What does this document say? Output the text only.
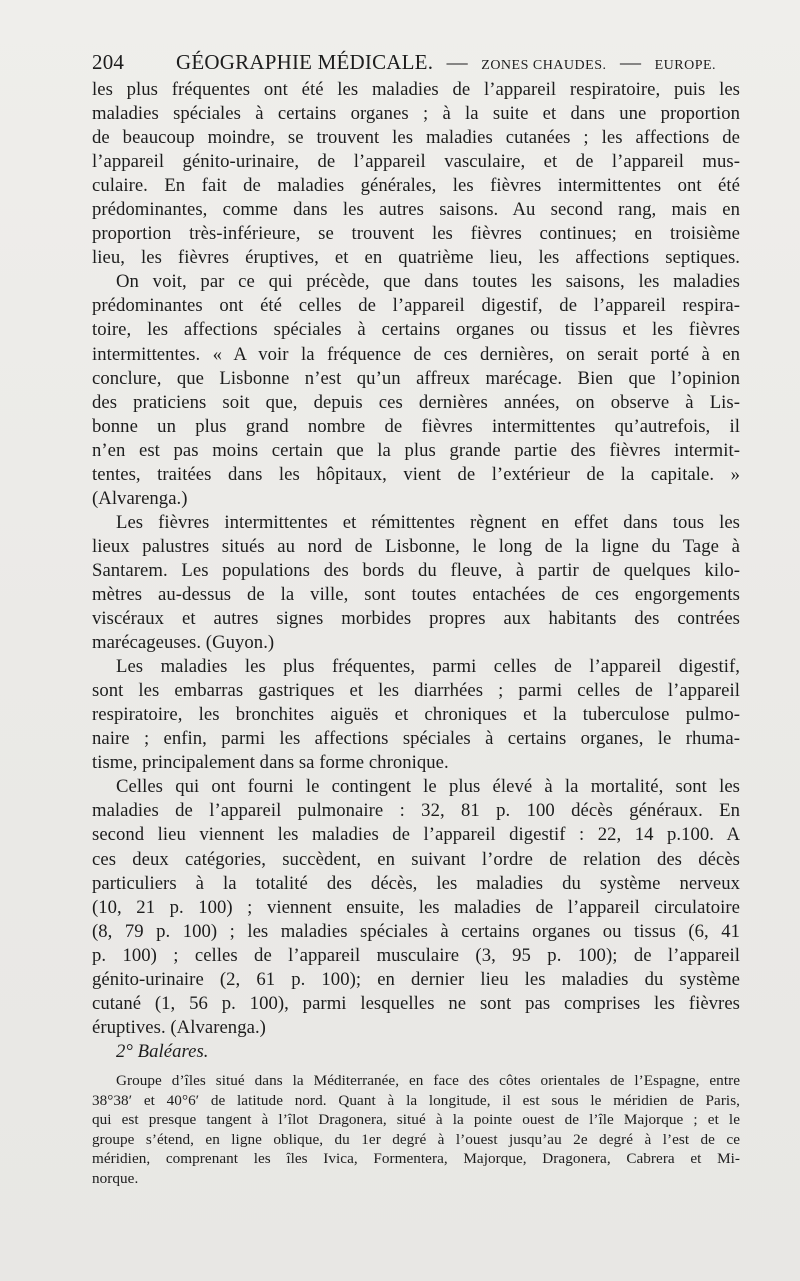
204 GÉOGRAPHIE MÉDICALE. — ZONES CHAUDES. — EUROPE.
les plus fréquentes ont été les maladies de l’appareil respiratoire, puis les
maladies spéciales à certains organes ; à la suite et dans une proportion
de beaucoup moindre, se trouvent les maladies cutanées ; les affections de
l’appareil génito-urinaire, de l’appareil vasculaire, et de l’appareil mus-
culaire. En fait de maladies générales, les fièvres intermittentes ont été
prédominantes, comme dans les autres saisons. Au second rang, mais en
proportion très-inférieure, se trouvent les fièvres continues; en troisième
lieu, les fièvres éruptives, et en quatrième lieu, les affections septiques.
On voit, par ce qui précède, que dans toutes les saisons, les maladies
prédominantes ont été celles de l’appareil digestif, de l’appareil respira-
toire, les affections spéciales à certains organes ou tissus et les fièvres
intermittentes. « A voir la fréquence de ces dernières, on serait porté à en
conclure, que Lisbonne n’est qu’un affreux marécage. Bien que l’opinion
des praticiens soit que, depuis ces dernières années, on observe à Lis-
bonne un plus grand nombre de fièvres intermittentes qu’autrefois, il
n’en est pas moins certain que la plus grande partie des fièvres intermit-
tentes, traitées dans les hôpitaux, vient de l’extérieur de la capitale. »
(Alvarenga.)
Les fièvres intermittentes et rémittentes règnent en effet dans tous les
lieux palustres situés au nord de Lisbonne, le long de la ligne du Tage à
Santarem. Les populations des bords du fleuve, à partir de quelques kilo-
mètres au-dessus de la ville, sont toutes entachées de ces engorgements
viscéraux et autres signes morbides propres aux habitants des contrées
marécageuses. (Guyon.)
Les maladies les plus fréquentes, parmi celles de l’appareil digestif,
sont les embarras gastriques et les diarrhées ; parmi celles de l’appareil
respiratoire, les bronchites aiguës et chroniques et la tuberculose pulmo-
naire ; enfin, parmi les affections spéciales à certains organes, le rhuma-
tisme, principalement dans sa forme chronique.
Celles qui ont fourni le contingent le plus élevé à la mortalité, sont les
maladies de l’appareil pulmonaire : 32, 81 p. 100 décès généraux. En
second lieu viennent les maladies de l’appareil digestif : 22, 14 p.100. A
ces deux catégories, succèdent, en suivant l’ordre de relation des décès
particuliers à la totalité des décès, les maladies du système nerveux
(10, 21 p. 100) ; viennent ensuite, les maladies de l’appareil circulatoire
(8, 79 p. 100) ; les maladies spéciales à certains organes ou tissus (6, 41
p. 100) ; celles de l’appareil musculaire (3, 95 p. 100); de l’appareil
génito-urinaire (2, 61 p. 100); en dernier lieu les maladies du système
cutané (1, 56 p. 100), parmi lesquelles ne sont pas comprises les fièvres
éruptives. (Alvarenga.)
2° Baléares.
Groupe d’îles situé dans la Méditerranée, en face des côtes orientales de l’Espagne, entre
38°38′ et 40°6′ de latitude nord. Quant à la longitude, il est sous le méridien de Paris,
qui est presque tangent à l’îlot Dragonera, situé à la pointe ouest de l’île Majorque ; et le
groupe s’étend, en ligne oblique, du 1er degré à l’ouest jusqu’au 2e degré à l’est de ce
méridien, comprenant les îles Ivica, Formentera, Majorque, Dragonera, Cabrera et Mi-
norque.
